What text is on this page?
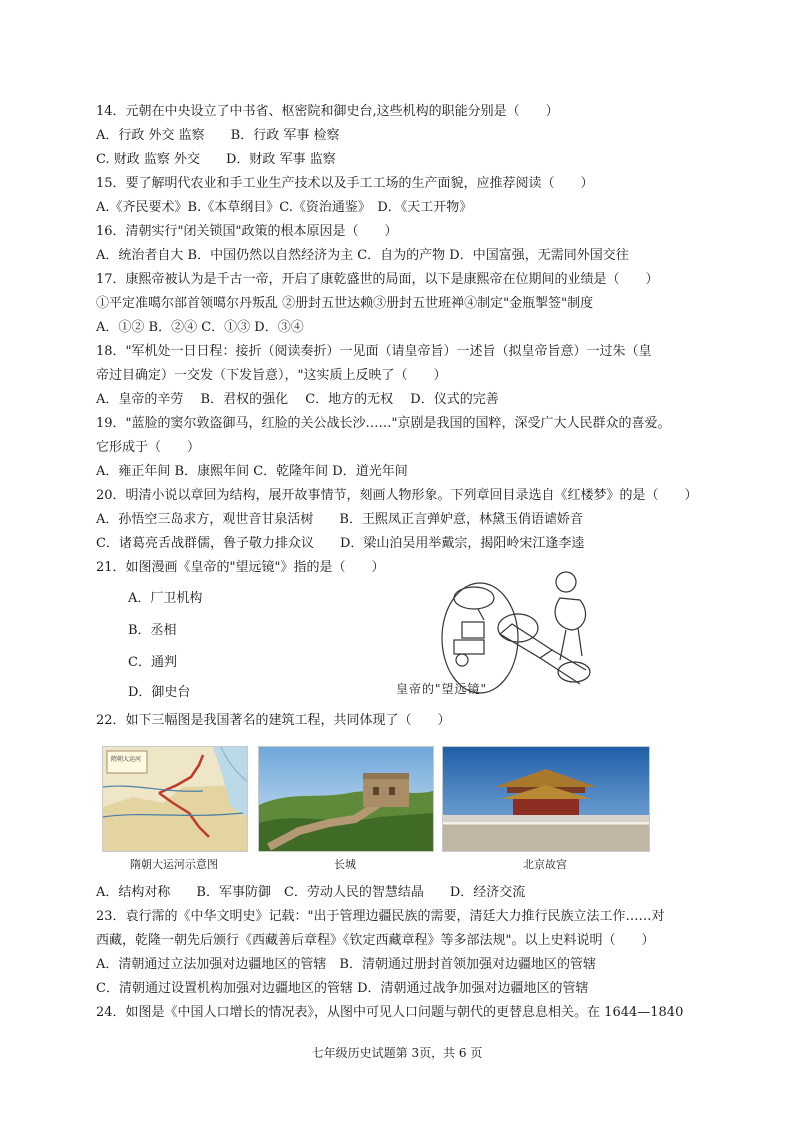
14．元朝在中央设立了中书省、枢密院和御史台,这些机构的职能分别是（　　）
A．行政 外交 监察　　B．行政 军事 检察
C. 财政 监察 外交　　D．财政 军事 监察
15．要了解明代农业和手工业生产技术以及手工工场的生产面貌，应推荐阅读（　　）
A.《齐民要术》B.《本草纲目》C.《资治通鉴》　D．《天工开物》
16．清朝实行"闭关锁国"政策的根本原因是（　　）
A．统治者自大 B．中国仍然以自然经济为主 C．自为的产物 D．中国富强，无需同外国交往
17．康熙帝被认为是千古一帝，开启了康乾盛世的局面，以下是康熙帝在位期间的业绩是（　　）
①平定准噶尔部首领噶尔丹叛乱 ②册封五世达赖③册封五世班禅④制定"金瓶掣签"制度
A．①② B．②④ C．①③ D．③④
18．"军机处一日日程：接折（阅读奏折）一见面（请皇帝旨）一述旨（拟皇帝旨意）一过朱（皇
帝过目确定）一交发（下发旨意），"这实质上反映了（　　）
A．皇帝的辛劳　 B．君权的强化　 C．地方的无权　 D．仪式的完善
19．"蓝脸的窦尔敦盗御马，红脸的关公战长沙……"京剧是我国的国粹，深受广大人民群众的喜爱。
它形成于（　　）
A．雍正年间 B．康熙年间 C．乾隆年间 D．道光年间
20．明清小说以章回为结构，展开故事情节，刻画人物形象。下列章回目录选自《红楼梦》的是（　　）
A．孙悟空三岛求方，观世音甘泉活树　　B．王熙凤正言弹妒意，林黛玉俏语谑娇音
C．诸葛亮舌战群儒，鲁子敬力排众议　　D．梁山泊吴用举戴宗，揭阳岭宋江逢李逵
21．如图漫画《皇帝的"望远镜"》指的是（　　）
A．厂卫机构
B．丞相
C．通判
D．御史台	皇帝的"望远镜"
22．如下三幅图是我国著名的建筑工程，共同体现了（　　）
隋朝大运河
隋朝大运河示意图	长城	北京故宫
A．结构对称　　B．军事防御　C．劳动人民的智慧结晶　　D．经济交流
23．袁行霈的《中华文明史》记载："出于管理边疆民族的需要，清廷大力推行民族立法工作……对
西藏，乾隆一朝先后颁行《西藏善后章程》《钦定西藏章程》等多部法规"。以上史料说明（　　）
A．清朝通过立法加强对边疆地区的管辖　B．清朝通过册封首领加强对边疆地区的管辖
C．清朝通过设置机构加强对边疆地区的管辖 D．清朝通过战争加强对边疆地区的管辖
24．如图是《中国人口增长的情况表》，从图中可见人口问题与朝代的更替息息相关。在 1644—1840
七年级历史试题第 3页，共 6 页
